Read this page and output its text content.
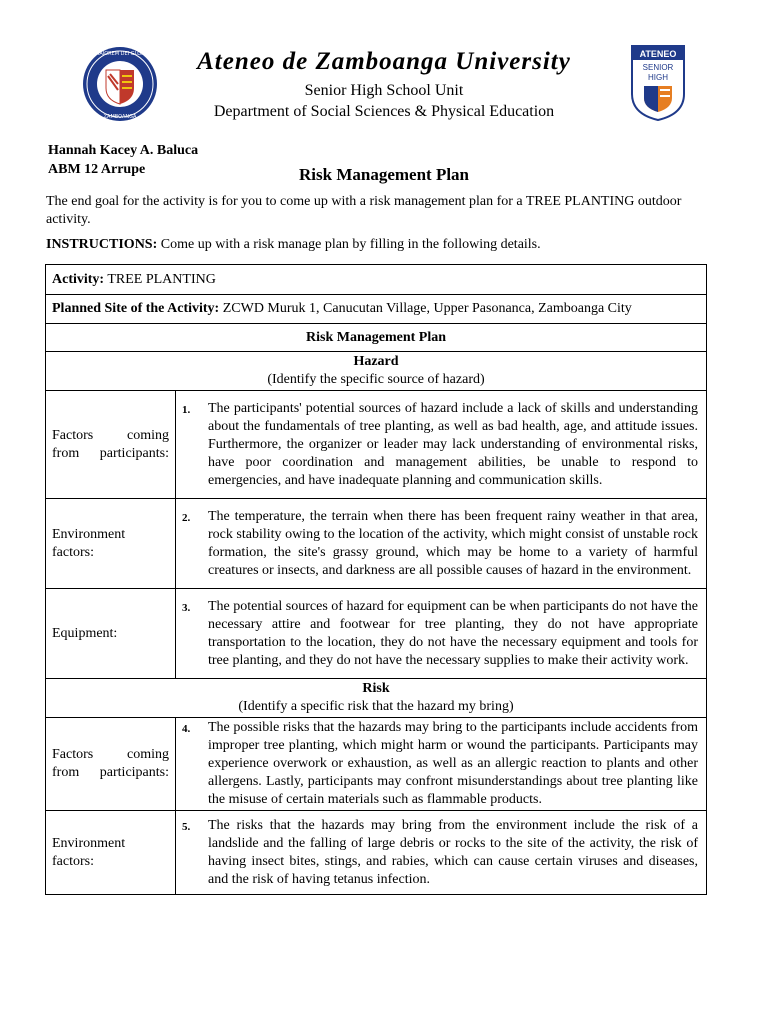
AD MAIOREM DEI GLORIAM
ZAMBOANGA
ATENEO
SENIOR
HIGH
Ateneo de Zamboanga University
Senior High School Unit
Department of Social Sciences & Physical Education
Hannah Kacey A. Baluca
ABM 12 Arrupe	Risk Management Plan
The end goal for the activity is for you to come up with a risk management plan for a TREE PLANTING outdoor activity.
INSTRUCTIONS: Come up with a risk manage plan by filling in the following details.
Activity: TREE PLANTING	
Planned Site of the Activity: ZCWD Muruk 1, Canucutan Village, Upper Pasonanca, Zamboanga City	
Risk Management Plan	

Hazard
(Identify the specific source of hazard)	

Factors coming from participants:	1. The participants' potential sources of hazard include a lack of skills and understanding about the fundamentals of tree planting, as well as bad health, age, and attitude issues. Furthermore, the organizer or leader may lack understanding of environmental risks, have poor coordination and management abilities, be unable to respond to emergencies, and have inadequate planning and communication skills.

Environment factors:	2. The temperature, the terrain when there has been frequent rainy weather in that area, rock stability owing to the location of the activity, which might consist of unstable rock formation, the site's grassy ground, which may be home to a variety of harmful creatures or insects, and darkness are all possible causes of hazard in the environment.

Equipment:	3. The potential sources of hazard for equipment can be when participants do not have the necessary attire and footwear for tree planting, they do not have appropriate transportation to the location, they do not have the necessary equipment and tools for tree planting, and they do not have the necessary supplies to make their activity work.

Risk
(Identify a specific risk that the hazard my bring)	

Factors coming from participants:	4. The possible risks that the hazards may bring to the participants include accidents from improper tree planting, which might harm or wound the participants. Participants may experience overwork or exhaustion, as well as an allergic reaction to plants and other allergens. Lastly, participants may confront misunderstandings about tree planting like the misuse of certain materials such as flammable products.

Environment factors:	5. The risks that the hazards may bring from the environment include the risk of a landslide and the falling of large debris or rocks to the site of the activity, the risk of having insect bites, stings, and rabies, which can cause certain viruses and diseases, and the risk of having tetanus infection.
